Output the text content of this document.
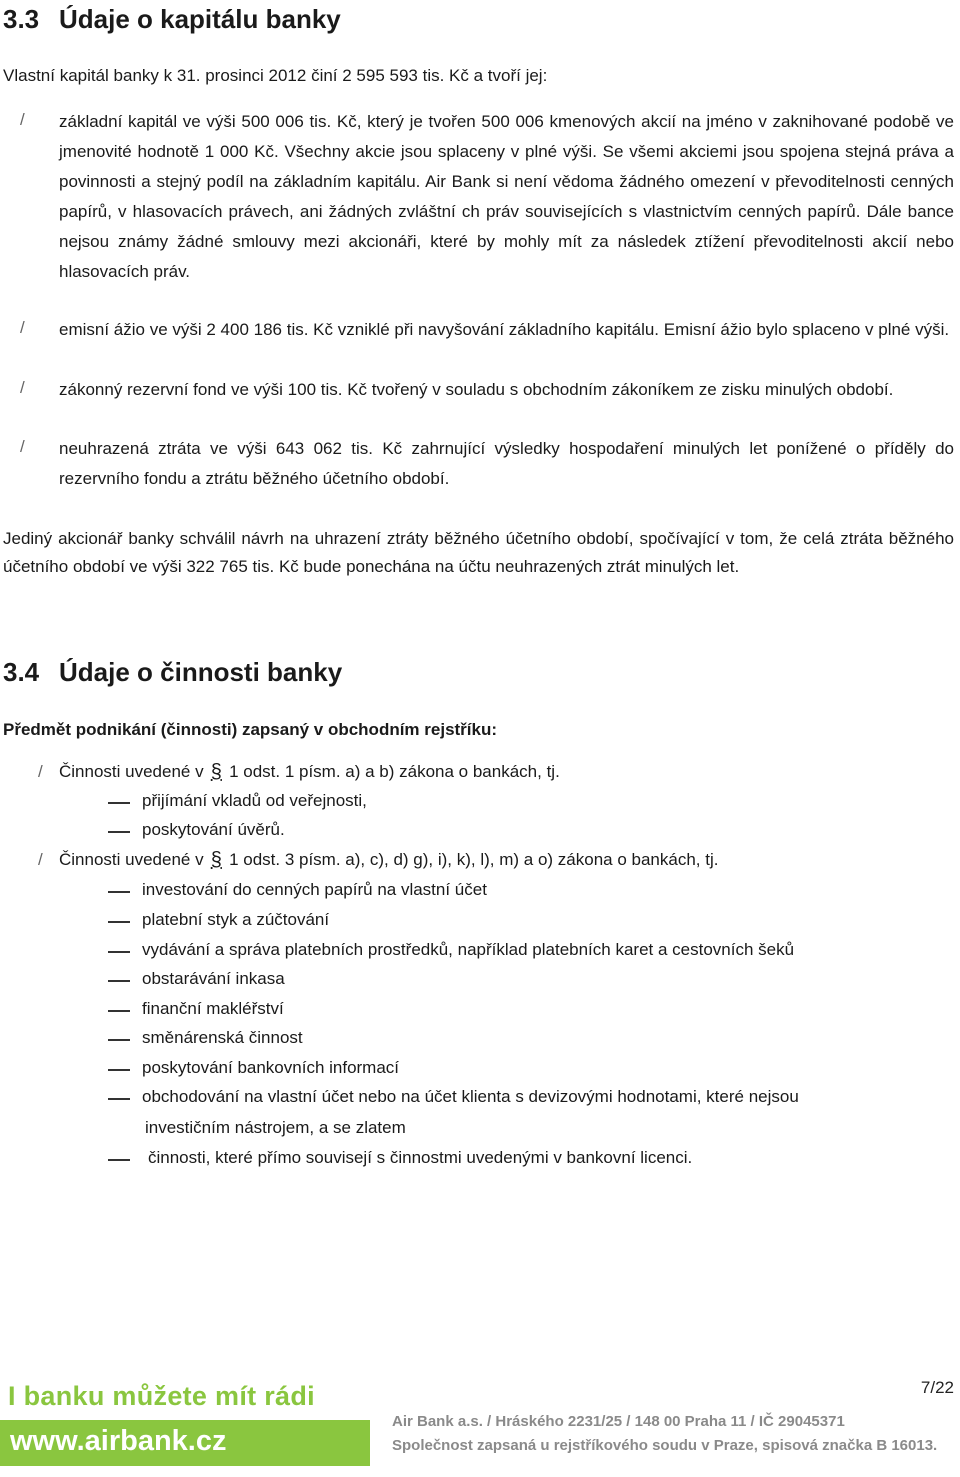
3.3 Údaje o kapitálu banky
Vlastní kapitál banky k 31. prosinci 2012 činí 2 595 593 tis. Kč a tvoří jej:
/ základní kapitál ve výši 500 006 tis. Kč, který je tvořen 500 006 kmenových akcií na jméno v zaknihované podobě ve jmenovité hodnotě 1 000 Kč. Všechny akcie jsou splaceny v plné výši. Se všemi akciemi jsou spojena stejná práva a povinnosti a stejný podíl na základním kapitálu. Air Bank si není vědoma žádného omezení v převoditelnosti cenných papírů, v hlasovacích právech, ani žádných zvláštní ch práv souvisejících s vlastnictvím cenných papírů. Dále bance nejsou známy žádné smlouvy mezi akcionáři, které by mohly mít za následek ztížení převoditelnosti akcií nebo hlasovacích práv.
/ emisní ážio ve výši 2 400 186 tis. Kč vzniklé při navyšování základního kapitálu. Emisní ážio bylo splaceno v plné výši.
/ zákonný rezervní fond ve výši 100 tis. Kč tvořený v souladu s obchodním zákoníkem ze zisku minulých období.
/ neuhrazená ztráta ve výši 643 062 tis. Kč zahrnující výsledky hospodaření minulých let ponížené o příděly do rezervního fondu a ztrátu běžného účetního období.
Jediný akcionář banky schválil návrh na uhrazení ztráty běžného účetního období, spočívající v tom, že celá ztráta běžného účetního období ve výši 322 765 tis. Kč bude ponechána na účtu neuhrazených ztrát minulých let.
3.4 Údaje o činnosti banky
Předmět podnikání (činnosti) zapsaný v obchodním rejstříku:
/ Činnosti uvedené v § 1 odst. 1 písm. a) a b) zákona o bankách, tj.
přijímání vkladů od veřejnosti,
poskytování úvěrů.
/ Činnosti uvedené v § 1 odst. 3 písm. a), c), d) g), i), k), l), m) a o) zákona o bankách, tj.
investování do cenných papírů na vlastní účet
platební styk a zúčtování
vydávání a správa platebních prostředků, například platebních karet a cestovních šeků
obstarávání inkasa
finanční makléřství
směnárenská činnost
poskytování bankovních informací
obchodování na vlastní účet nebo na účet klienta s devizovými hodnotami, které nejsou
investičním nástrojem, a se zlatem
činnosti, které přímo souvisejí s činnostmi uvedenými v bankovní licenci.
I banku můžete mít rádi
www.airbank.cz
7/22
Air Bank a.s. / Hráského 2231/25 / 148 00 Praha 11 / IČ 29045371
Společnost zapsaná u rejstříkového soudu v Praze, spisová značka B 16013.
